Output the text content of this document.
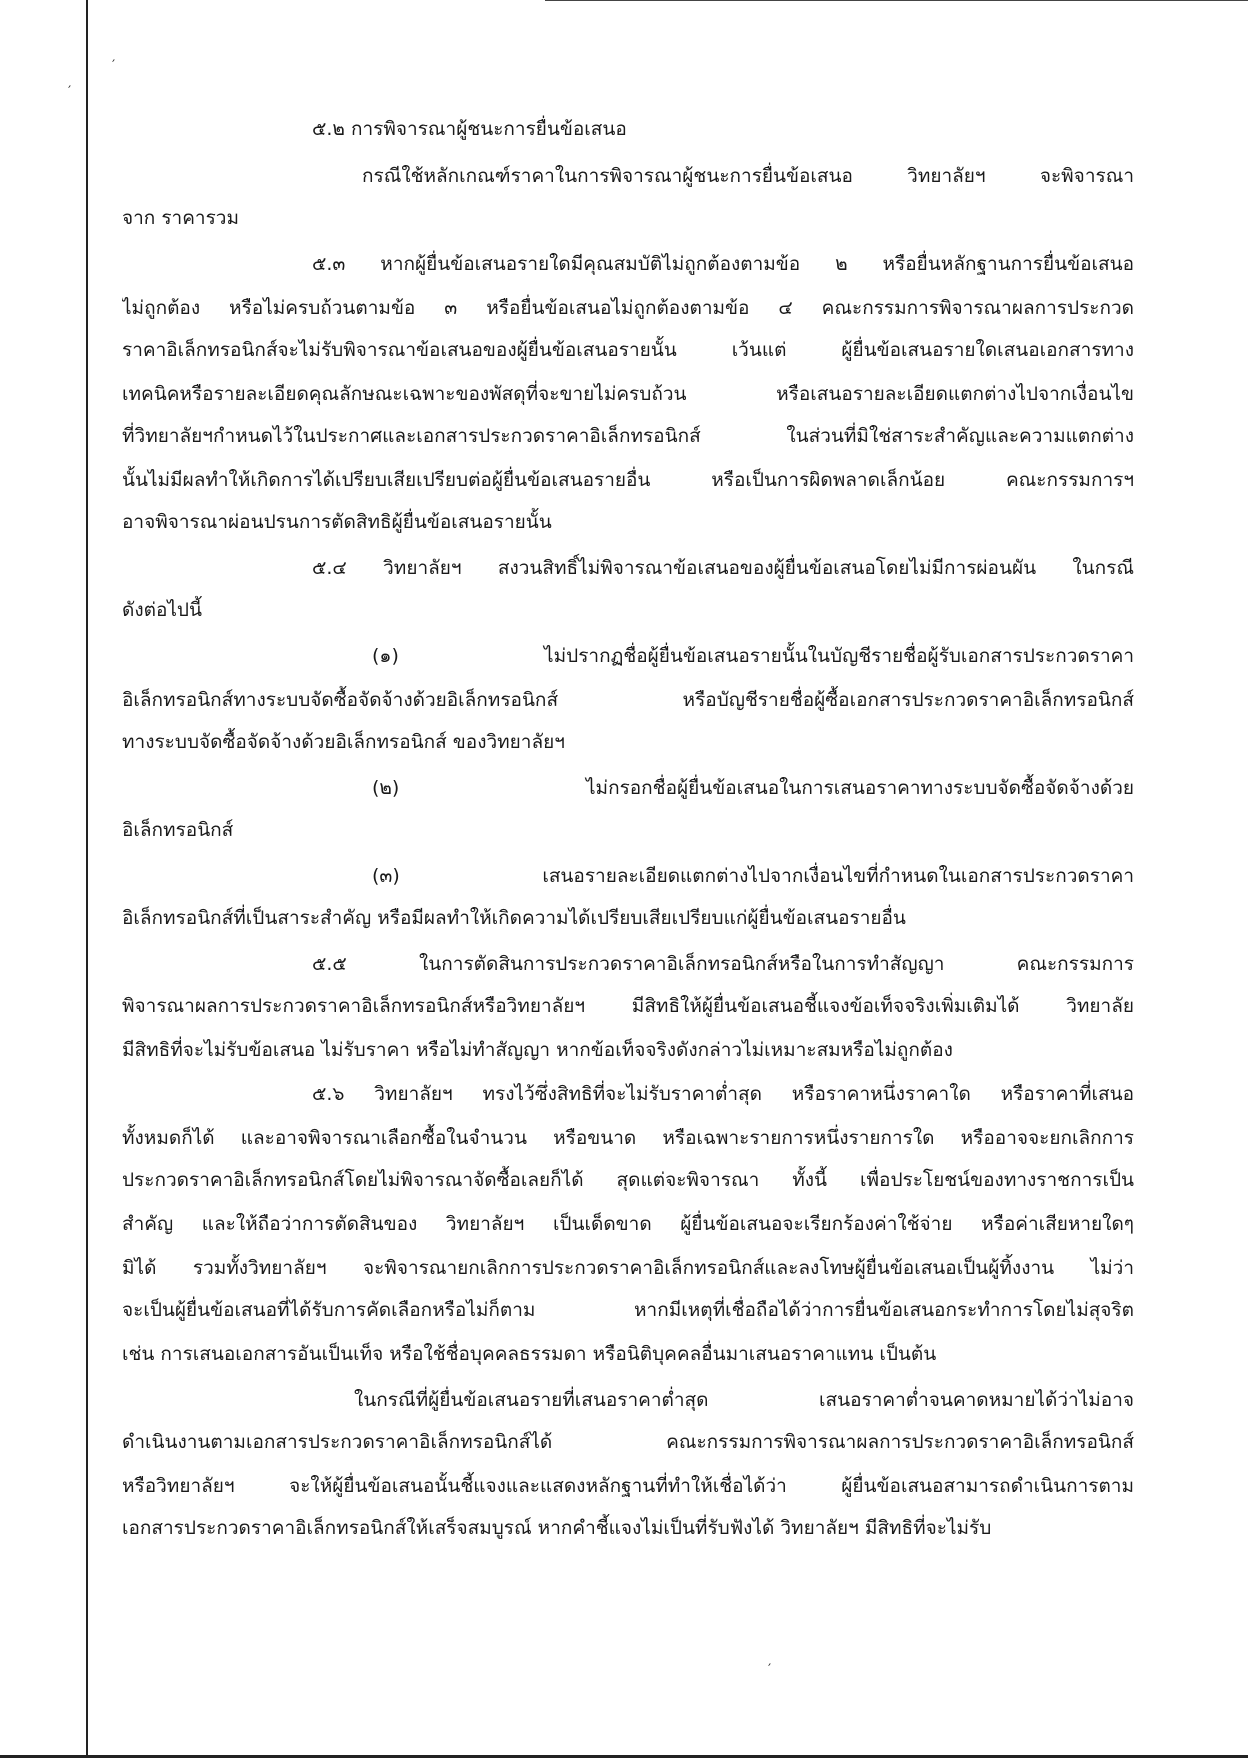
′
′
′
๕.๒ การพิจารณาผู้ชนะการยื่นข้อเสนอ
กรณีใช้หลักเกณฑ์ราคาในการพิจารณาผู้ชนะการยื่นข้อเสนอ วิทยาลัยฯ จะพิจารณา
จาก ราคารวม
๕.๓ หากผู้ยื่นข้อเสนอรายใดมีคุณสมบัติไม่ถูกต้องตามข้อ ๒ หรือยื่นหลักฐานการยื่นข้อเสนอ
ไม่ถูกต้อง หรือไม่ครบถ้วนตามข้อ ๓ หรือยื่นข้อเสนอไม่ถูกต้องตามข้อ ๔ คณะกรรมการพิจารณาผลการประกวด
ราคาอิเล็กทรอนิกส์จะไม่รับพิจารณาข้อเสนอของผู้ยื่นข้อเสนอรายนั้น เว้นแต่ ผู้ยื่นข้อเสนอรายใดเสนอเอกสารทาง
เทคนิคหรือรายละเอียดคุณลักษณะเฉพาะของพัสดุที่จะขายไม่ครบถ้วน หรือเสนอรายละเอียดแตกต่างไปจากเงื่อนไข
ที่วิทยาลัยฯกำหนดไว้ในประกาศและเอกสารประกวดราคาอิเล็กทรอนิกส์ ในส่วนที่มิใช่สาระสำคัญและความแตกต่าง
นั้นไม่มีผลทำให้เกิดการได้เปรียบเสียเปรียบต่อผู้ยื่นข้อเสนอรายอื่น หรือเป็นการผิดพลาดเล็กน้อย คณะกรรมการฯ
อาจพิจารณาผ่อนปรนการตัดสิทธิผู้ยื่นข้อเสนอรายนั้น
๕.๔ วิทยาลัยฯ สงวนสิทธิ์ไม่พิจารณาข้อเสนอของผู้ยื่นข้อเสนอโดยไม่มีการผ่อนผัน ในกรณี
ดังต่อไปนี้
(๑) ไม่ปรากฏชื่อผู้ยื่นข้อเสนอรายนั้นในบัญชีรายชื่อผู้รับเอกสารประกวดราคา
อิเล็กทรอนิกส์ทางระบบจัดซื้อจัดจ้างด้วยอิเล็กทรอนิกส์ หรือบัญชีรายชื่อผู้ซื้อเอกสารประกวดราคาอิเล็กทรอนิกส์
ทางระบบจัดซื้อจัดจ้างด้วยอิเล็กทรอนิกส์ ของวิทยาลัยฯ
(๒) ไม่กรอกชื่อผู้ยื่นข้อเสนอในการเสนอราคาทางระบบจัดซื้อจัดจ้างด้วย
อิเล็กทรอนิกส์
(๓) เสนอรายละเอียดแตกต่างไปจากเงื่อนไขที่กำหนดในเอกสารประกวดราคา
อิเล็กทรอนิกส์ที่เป็นสาระสำคัญ หรือมีผลทำให้เกิดความได้เปรียบเสียเปรียบแก่ผู้ยื่นข้อเสนอรายอื่น
๕.๕ ในการตัดสินการประกวดราคาอิเล็กทรอนิกส์หรือในการทำสัญญา คณะกรรมการ
พิจารณาผลการประกวดราคาอิเล็กทรอนิกส์หรือวิทยาลัยฯ มีสิทธิให้ผู้ยื่นข้อเสนอชี้แจงข้อเท็จจริงเพิ่มเติมได้ วิทยาลัย
มีสิทธิที่จะไม่รับข้อเสนอ ไม่รับราคา หรือไม่ทำสัญญา หากข้อเท็จจริงดังกล่าวไม่เหมาะสมหรือไม่ถูกต้อง
๕.๖ วิทยาลัยฯ ทรงไว้ซึ่งสิทธิที่จะไม่รับราคาต่ำสุด หรือราคาหนึ่งราคาใด หรือราคาที่เสนอ
ทั้งหมดก็ได้ และอาจพิจารณาเลือกซื้อในจำนวน หรือขนาด หรือเฉพาะรายการหนึ่งรายการใด หรืออาจจะยกเลิกการ
ประกวดราคาอิเล็กทรอนิกส์โดยไม่พิจารณาจัดซื้อเลยก็ได้ สุดแต่จะพิจารณา ทั้งนี้ เพื่อประโยชน์ของทางราชการเป็น
สำคัญ และให้ถือว่าการตัดสินของ วิทยาลัยฯ เป็นเด็ดขาด ผู้ยื่นข้อเสนอจะเรียกร้องค่าใช้จ่าย หรือค่าเสียหายใดๆ
มิได้ รวมทั้งวิทยาลัยฯ จะพิจารณายกเลิกการประกวดราคาอิเล็กทรอนิกส์และลงโทษผู้ยื่นข้อเสนอเป็นผู้ทิ้งงาน ไม่ว่า
จะเป็นผู้ยื่นข้อเสนอที่ได้รับการคัดเลือกหรือไม่ก็ตาม หากมีเหตุที่เชื่อถือได้ว่าการยื่นข้อเสนอกระทำการโดยไม่สุจริต
เช่น การเสนอเอกสารอันเป็นเท็จ หรือใช้ชื่อบุคคลธรรมดา หรือนิติบุคคลอื่นมาเสนอราคาแทน เป็นต้น
ในกรณีที่ผู้ยื่นข้อเสนอรายที่เสนอราคาต่ำสุด เสนอราคาต่ำจนคาดหมายได้ว่าไม่อาจ
ดำเนินงานตามเอกสารประกวดราคาอิเล็กทรอนิกส์ได้ คณะกรรมการพิจารณาผลการประกวดราคาอิเล็กทรอนิกส์
หรือวิทยาลัยฯ จะให้ผู้ยื่นข้อเสนอนั้นชี้แจงและแสดงหลักฐานที่ทำให้เชื่อได้ว่า ผู้ยื่นข้อเสนอสามารถดำเนินการตาม
เอกสารประกวดราคาอิเล็กทรอนิกส์ให้เสร็จสมบูรณ์ หากคำชี้แจงไม่เป็นที่รับฟังได้ วิทยาลัยฯ มีสิทธิที่จะไม่รับ
